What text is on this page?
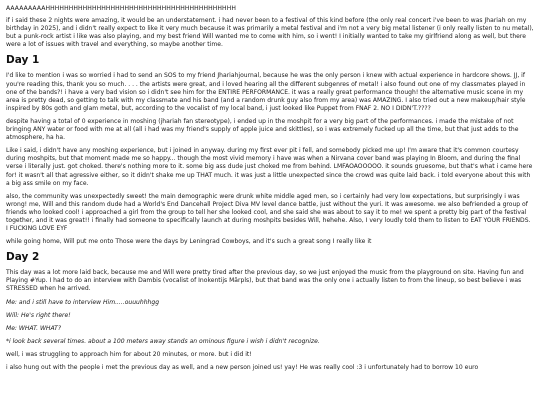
AAAAAAAAAHHHHHHHHHHHHHHHHHHHHHHHHHHHHHHHHHHHHHHHHH

if i said these 2 nights were amazing, it would be an understatement. i had never been to a festival of this kind before (the only real concert i've been to was Jhariah on my birthday in 2025), and i didn't really expect to like it very much because it was primarily a metal festival and i'm not a very big metal listener (i only really listen to nu metal), but a punk-rock artist i like was also playing, and my best friend Will wanted me to come with him, so i went! I initially wanted to take my girlfriend along as well, but there were a lot of issues with travel and everything, so maybe another time.

Day 1

I'd like to mention i was so worried i had to send an SOS to my friend Jhariahjournal, because he was the only person i knew with actual experience in hardcore shows. JJ, if you're reading this, thank you so much. . . . the artists were great, and i loved hearing all the different subgenres of metal! i also found out one of my classmates played in one of the bands?! i have a very bad vision so i didn't see him for the ENTIRE PERFORMANCE. it was a really great performance though! the alternative music scene in my area is pretty dead, so getting to talk with my classmate and his band (and a random drunk guy also from my area) was AMAZING. I also tried out a new makeup/hair style inspired by 80s goth and glam metal, but, according to the vocalist of my local band, i just looked like Puppet from FNAF 2. NO I DIDN'T.????

despite having a total of 0 experience in moshing (jhariah fan stereotype), i ended up in the moshpit for a very big part of the performances. i made the mistake of not bringing ANY water or food with me at all (all i had was my friend's supply of apple juice and skittles), so i was extremely fucked up all the time, but that just adds to the atmosphere, ha ha.

Like i said, i didn't have any moshing experience, but i joined in anyway. during my first ever pit i fell, and somebody picked me up! I'm aware that it's common courtesy during moshpits, but that moment made me so happy... though the most vivid memory i have was when a Nirvana cover band was playing In Bloom, and during the final verse i literally just. got choked. there's nothing more to it. some big ass dude just choked me from behind. LMFAOAOOOOO. it sounds gruesome, but that's what i came here for! it wasn't all that agressive either, so it didn't shake me up THAT much. it was just a little unexpected since the crowd was quite laid back. i told everyone about this with a big ass smile on my face.

also, the community was unexpectedly sweet! the main demographic were drunk white middle aged men, so i certainly had very low expectations, but surprisingly i was wrong! me, Will and this random dude had a World's End Dancehall Project Diva MV level dance battle, just without the yuri. It was awesome. we also befriended a group of friends who looked cool! i approached a girl from the group to tell her she looked cool, and she said she was about to say it to me! we spent a pretty big part of the festival together, and it was great!! i finally had someone to specifically launch at during moshpits besides Will, hehehe. Also, I very loudly told them to listen to EAT YOUR FRIENDS. I FUCKING LOVE EYF

while going home, Will put me onto Those were the days by Leningrad Cowboys, and it's such a great song I really like it

Day 2

This day was a lot more laid back, because me and Will were pretty tired after the previous day, so we just enjoyed the music from the playground on site. Having fun and Playing #Yup. I had to do an interview with Dambis (vocalist of Inokentijs Mārpls), but that band was the only one i actually listen to from the lineup, so best believe i was STRESSED when he arrived.

Me: and i still have to interview Him.....ouuuhhhgg

Will: He's right there!

Me: WHAT. WHAT?

*i look back several times. about a 100 meters away stands an ominous figure i wish i didn't recognize.

well, i was struggling to approach him for about 20 minutes, or more. but i did it!

i also hung out with the people i met the previous day as well, and a new person joined us! yay! He was really cool :3 i unfortunately had to borrow 10 euro
